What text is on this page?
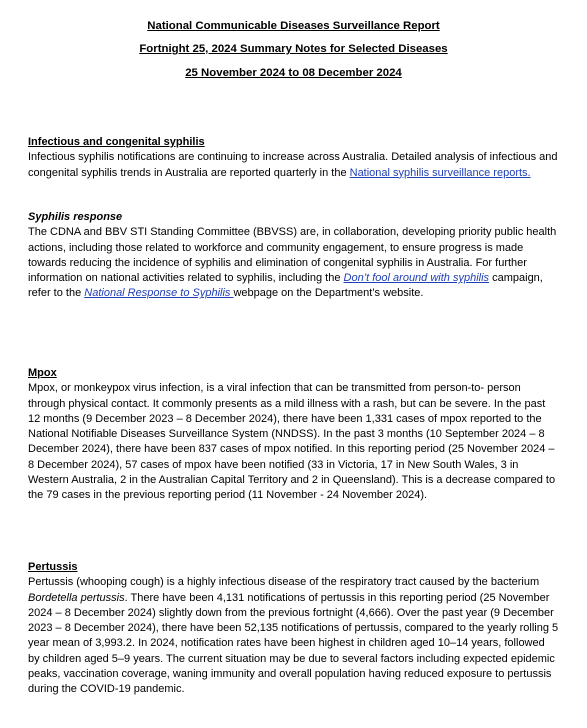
National Communicable Diseases Surveillance Report
Fortnight 25, 2024 Summary Notes for Selected Diseases
25 November 2024 to 08 December 2024

Infectious and congenital syphilis

Infectious syphilis notifications are continuing to increase across Australia. Detailed analysis of infectious and congenital syphilis trends in Australia are reported quarterly in the National syphilis surveillance reports.

Syphilis response

The CDNA and BBV STI Standing Committee (BBVSS) are, in collaboration, developing priority public health actions, including those related to workforce and community engagement, to ensure progress is made towards reducing the incidence of syphilis and elimination of congenital syphilis in Australia. For further information on national activities related to syphilis, including the Don’t fool around with syphilis campaign, refer to the National Response to Syphilis webpage on the Department’s website.

Mpox

Mpox, or monkeypox virus infection, is a viral infection that can be transmitted from person-to- person through physical contact. It commonly presents as a mild illness with a rash, but can be severe. In the past 12 months (9 December 2023 – 8 December 2024), there have been 1,331 cases of mpox reported to the National Notifiable Diseases Surveillance System (NNDSS). In the past 3 months (10 September 2024 – 8 December 2024), there have been 837 cases of mpox notified. In this reporting period (25 November 2024 – 8 December 2024), 57 cases of mpox have been notified (33 in Victoria, 17 in New South Wales, 3 in Western Australia, 2 in the Australian Capital Territory and 2 in Queensland). This is a decrease compared to the 79 cases in the previous reporting period (11 November - 24 November 2024).

Pertussis

Pertussis (whooping cough) is a highly infectious disease of the respiratory tract caused by the bacterium Bordetella pertussis. There have been 4,131 notifications of pertussis in this reporting period (25 November 2024 – 8 December 2024) slightly down from the previous fortnight (4,666). Over the past year (9 December 2023 – 8 December 2024), there have been 52,135 notifications of pertussis, compared to the yearly rolling 5 year mean of 3,993.2. In 2024, notification rates have been highest in children aged 10–14 years, followed by children aged 5–9 years. The current situation may be due to several factors including expected epidemic peaks, vaccination coverage, waning immunity and overall population having reduced exposure to pertussis during the COVID-19 pandemic.
